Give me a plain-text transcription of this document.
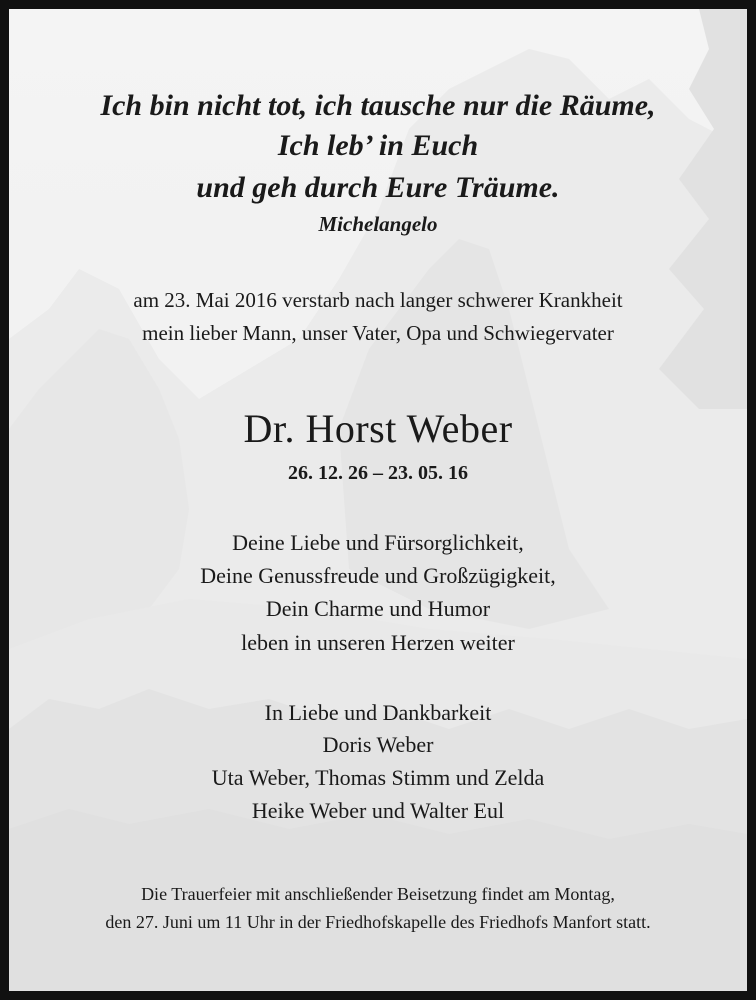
Ich bin nicht tot, ich tausche nur die Räume,
Ich leb’ in Euch
und geh durch Eure Träume.
Michelangelo
am 23. Mai 2016 verstarb nach langer schwerer Krankheit
mein lieber Mann, unser Vater, Opa und Schwiegervater
Dr. Horst Weber
26. 12. 26 – 23. 05. 16
Deine Liebe und Fürsorglichkeit,
Deine Genussfreude und Großzügigkeit,
Dein Charme und Humor
leben in unseren Herzen weiter
In Liebe und Dankbarkeit
Doris Weber
Uta Weber, Thomas Stimm und Zelda
Heike Weber und Walter Eul
Die Trauerfeier mit anschließender Beisetzung findet am Montag,
den 27. Juni um 11 Uhr in der Friedhofskapelle des Friedhofs Manfort statt.
